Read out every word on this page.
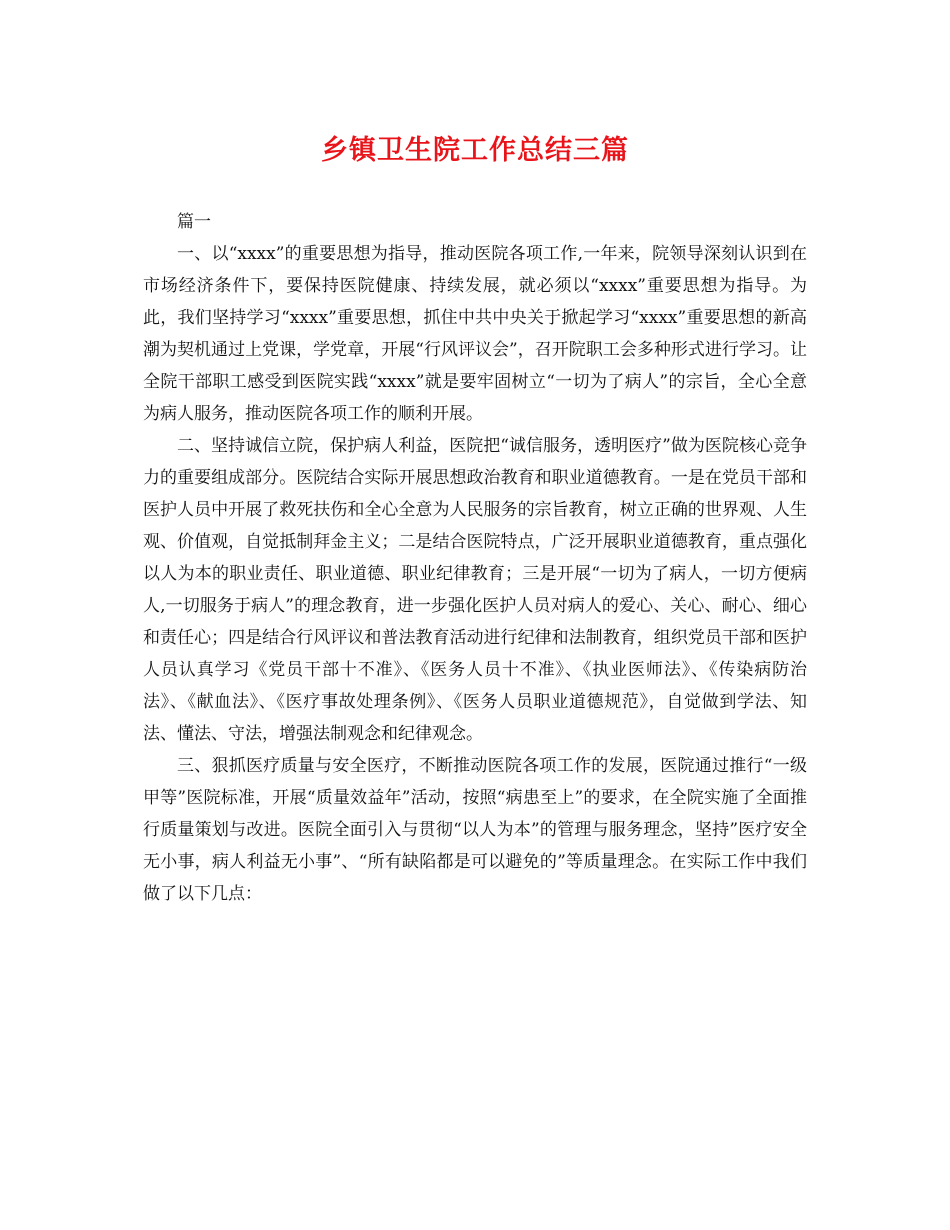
乡镇卫生院工作总结三篇

篇一

一、以“xxxx”的重要思想为指导，推动医院各项工作,一年来，院领导深刻认识到在市场经济条件下，要保持医院健康、持续发展，就必须以“xxxx”重要思想为指导。为此，我们坚持学习“xxxx”重要思想，抓住中共中央关于掀起学习“xxxx”重要思想的新高潮为契机通过上党课，学党章，开展“行风评议会”，召开院职工会多种形式进行学习。让全院干部职工感受到医院实践“xxxx”就是要牢固树立“一切为了病人”的宗旨，全心全意为病人服务，推动医院各项工作的顺利开展。

二、坚持诚信立院，保护病人利益，医院把“诚信服务，透明医疗”做为医院核心竞争力的重要组成部分。医院结合实际开展思想政治教育和职业道德教育。一是在党员干部和医护人员中开展了救死扶伤和全心全意为人民服务的宗旨教育，树立正确的世界观、人生观、价值观，自觉抵制拜金主义；二是结合医院特点，广泛开展职业道德教育，重点强化以人为本的职业责任、职业道德、职业纪律教育；三是开展“一切为了病人，一切方便病人,一切服务于病人”的理念教育，进一步强化医护人员对病人的爱心、关心、耐心、细心和责任心；四是结合行风评议和普法教育活动进行纪律和法制教育，组织党员干部和医护人员认真学习《党员干部十不准》、《医务人员十不准》、《执业医师法》、《传染病防治法》、《献血法》、《医疗事故处理条例》、《医务人员职业道德规范》，自觉做到学法、知法、懂法、守法，增强法制观念和纪律观念。

三、狠抓医疗质量与安全医疗，不断推动医院各项工作的发展，医院通过推行“一级甲等”医院标准，开展“质量效益年”活动，按照“病患至上”的要求，在全院实施了全面推行质量策划与改进。医院全面引入与贯彻“以人为本”的管理与服务理念，坚持”医疗安全无小事，病人利益无小事”、“所有缺陷都是可以避免的”等质量理念。在实际工作中我们做了以下几点：
